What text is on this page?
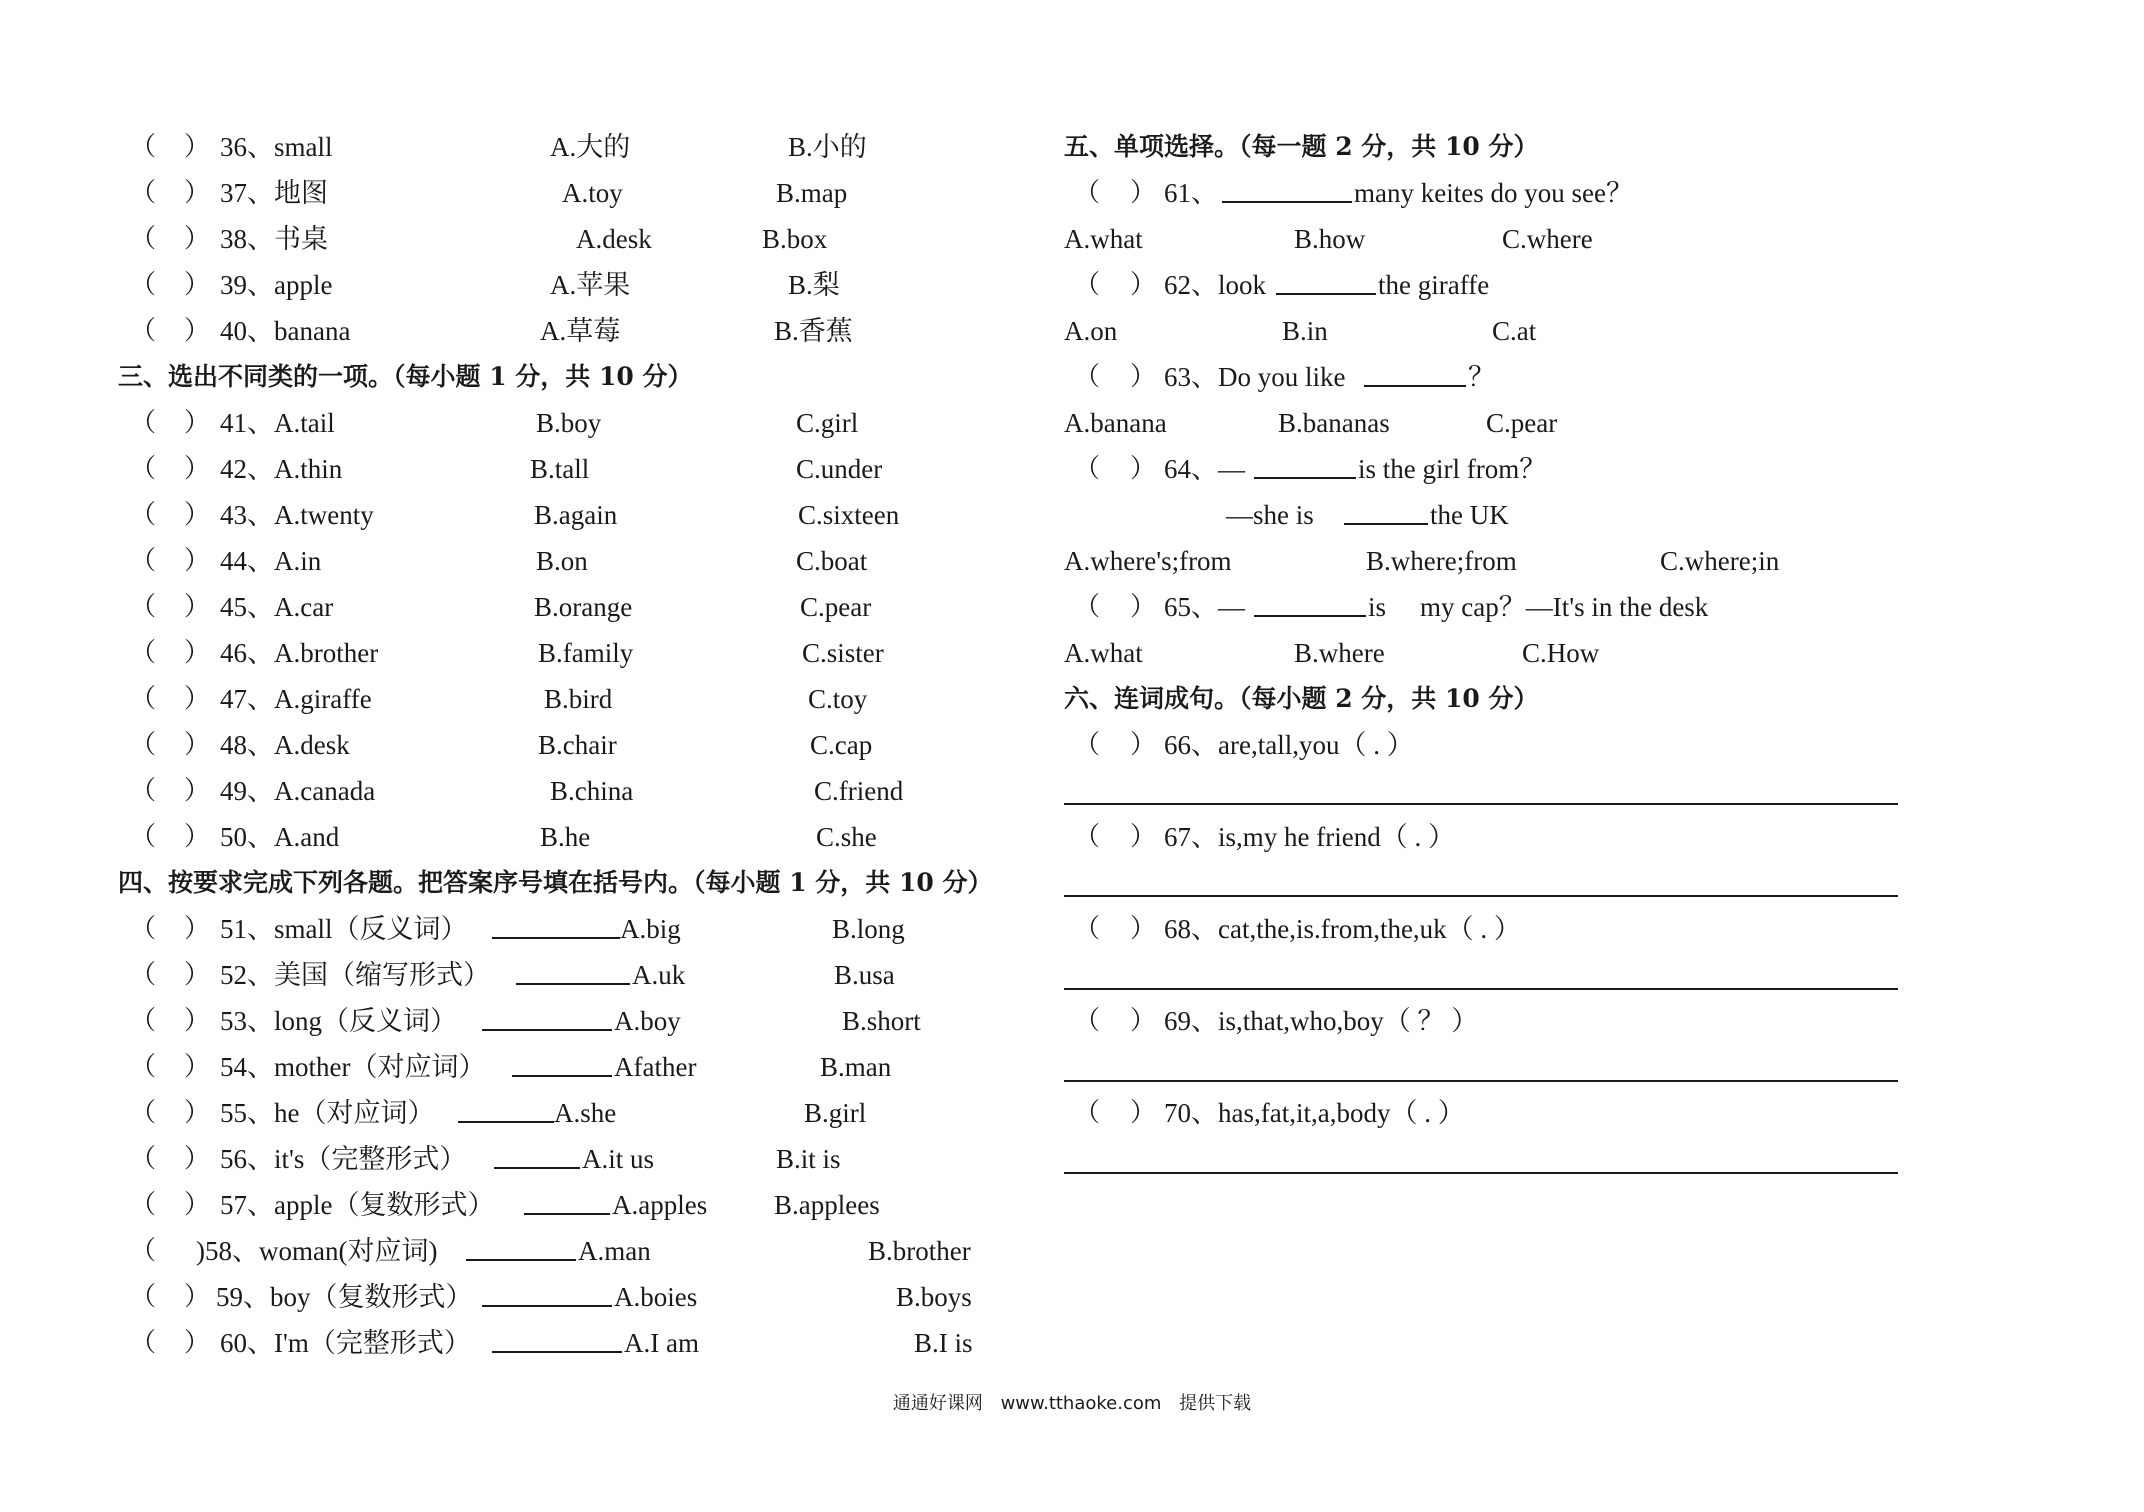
（ ） 36、small	A.大的	B.小的
（ ） 37、地图	A.toy	B.map
（ ） 38、书桌	A.desk	B.box
（ ） 39、apple	A.苹果	B.梨
（ ） 40、banana	A.草莓	B.香蕉
三、选出不同类的一项。（每小题 1 分，共 10 分）
（ ） 41、A.tail	B.boy	C.girl
（ ） 42、A.thin	B.tall	C.under
（ ） 43、A.twenty	B.again	C.sixteen
（ ） 44、A.in	B.on	C.boat
（ ） 45、A.car	B.orange	C.pear
（ ） 46、A.brother	B.family	C.sister
（ ） 47、A.giraffe	B.bird	C.toy
（ ） 48、A.desk	B.chair	C.cap
（ ） 49、A.canada	B.china	C.friend
（ ） 50、A.and	B.he	C.she
四、按要求完成下列各题。把答案序号填在括号内。（每小题 1 分，共 10 分）
（ ） 51、small（反义词）	A.big	B.long
（ ） 52、美国（缩写形式）	A.uk	B.usa
（ ） 53、long（反义词）	A.boy	B.short
（ ） 54、mother（对应词）	Afather	B.man
（ ） 55、he（对应词）	A.she	B.girl
（ ） 56、it's（完整形式）	A.it us	B.it is
（ ） 57、apple（复数形式）	A.apples B.applees
（ )58、woman(对应词)	A.man	B.brother
（ ） 59、boy（复数形式）	A.boies	B.boys
（ ） 60、I'm（完整形式）	A.I am	B.I is
五、单项选择。（每一题 2 分，共 10 分）
（ ） 61、	many keites do you see？
A.what	B.how	C.where
（ ） 62、look	the giraffe
A.on	B.in	C.at
（ ） 63、Do you like	？
A.banana	B.bananas	C.pear
（ ） 64、—	is the girl from？
—she is	the UK
A.where's;from	B.where;from	C.where;in
（ ） 65、—	is my cap？—It's in the desk
A.what	B.where	C.How
六、连词成句。（每小题 2 分，共 10 分）
（ ） 66、are,tall,you（ . ）
（ ） 67、is,my he friend（ . ）
（ ） 68、cat,the,is.from,the,uk（ . ）
（ ） 69、is,that,who,boy（ ？ ）
（ ） 70、has,fat,it,a,body（ . ）
通通好课网 www.tthaoke.com 提供下载
